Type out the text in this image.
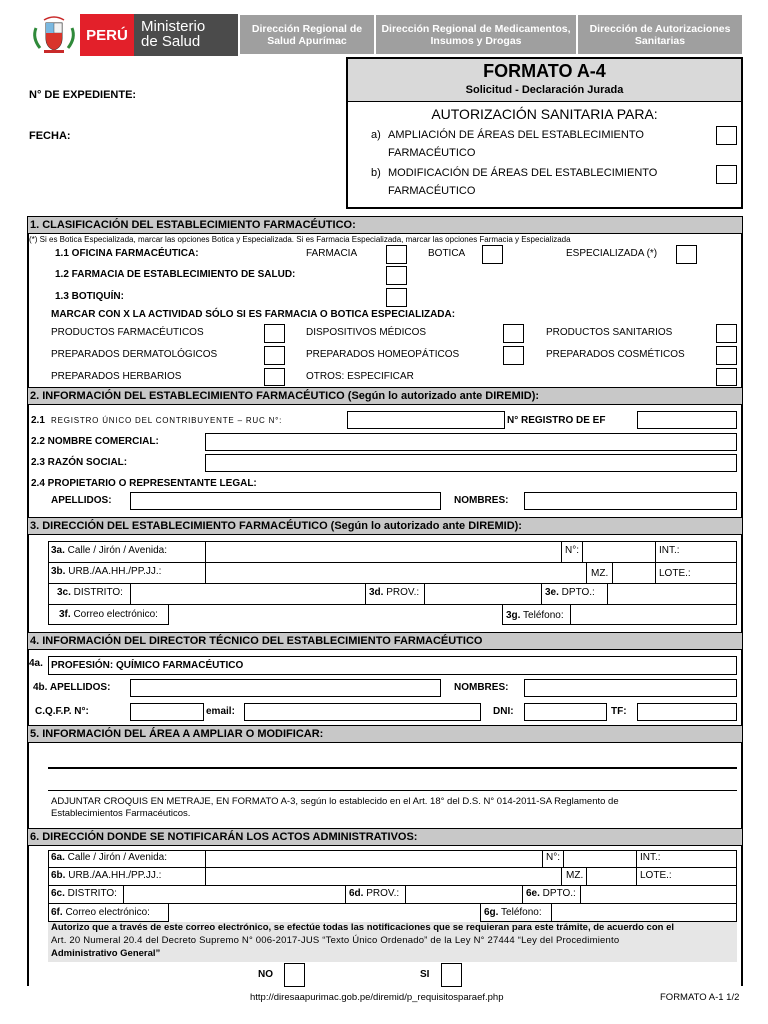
PERÚ Ministerio
de Salud
Dirección Regional de Salud Apurímac
Dirección Regional de Medicamentos, Insumos y Drogas
Dirección de Autorizaciones Sanitarias
N° DE EXPEDIENTE:
FECHA:
FORMATO A-4
Solicitud - Declaración Jurada
AUTORIZACIÓN SANITARIA PARA:
a) AMPLIACIÓN DE ÁREAS DEL ESTABLECIMIENTO
FARMACÉUTICO
b) MODIFICACIÓN DE ÁREAS DEL ESTABLECIMIENTO
FARMACÉUTICO
1. CLASIFICACIÓN DEL ESTABLECIMIENTO FARMACÉUTICO:
(*) Si es Botica Especializada, marcar las opciones Botica y Especializada. Si es Farmacia Especializada, marcar las opciones Farmacia y Especializada
1.1 OFICINA FARMACÉUTICA:	FARMACIA	BOTICA	ESPECIALIZADA (*)
1.2 FARMACIA DE ESTABLECIMIENTO DE SALUD:
1.3 BOTIQUÍN:
MARCAR CON X LA ACTIVIDAD SÓLO SI ES FARMACIA O BOTICA ESPECIALIZADA:
PRODUCTOS FARMACÉUTICOS	DISPOSITIVOS MÉDICOS	PRODUCTOS SANITARIOS
PREPARADOS DERMATOLÓGICOS	PREPARADOS HOMEOPÁTICOS	PREPARADOS COSMÉTICOS
PREPARADOS HERBARIOS	OTROS: ESPECIFICAR
2. INFORMACIÓN DEL ESTABLECIMIENTO FARMACÉUTICO (Según lo autorizado ante DIREMID):
2.1 REGISTRO ÚNICO DEL CONTRIBUYENTE – RUC N°:	N° REGISTRO DE EF
2.2 NOMBRE COMERCIAL:
2.3 RAZÓN SOCIAL:
2.4 PROPIETARIO O REPRESENTANTE LEGAL:
APELLIDOS:	NOMBRES:
3. DIRECCIÓN DEL ESTABLECIMIENTO FARMACÉUTICO (Según lo autorizado ante DIREMID):
3a. Calle / Jirón / Avenida:	N°:	INT.:
3b. URB./AA.HH./PP.JJ.:	MZ.	LOTE.:
3c. DISTRITO:	3d. PROV.:	3e. DPTO.:
3f. Correo electrónico:	3g. Teléfono:
4. INFORMACIÓN DEL DIRECTOR TÉCNICO DEL ESTABLECIMIENTO FARMACÉUTICO
4a. PROFESIÓN: QUÍMICO FARMACÉUTICO
4b. APELLIDOS:	NOMBRES:
C.Q.F.P. N°:	email:	DNI:	TF:
5. INFORMACIÓN DEL ÁREA A AMPLIAR O MODIFICAR:
ADJUNTAR CROQUIS EN METRAJE, EN FORMATO A-3, según lo establecido en el Art. 18° del D.S. N° 014-2011-SA Reglamento de
Establecimientos Farmacéuticos.
6. DIRECCIÓN DONDE SE NOTIFICARÁN LOS ACTOS ADMINISTRATIVOS:
6a. Calle / Jirón / Avenida:	N°:	INT.:
6b. URB./AA.HH./PP.JJ.:	MZ.	LOTE.:
6c. DISTRITO:	6d. PROV.:	6e. DPTO.:
6f. Correo electrónico:	6g. Teléfono:
Autorizo que a través de este correo electrónico, se efectúe todas las notificaciones que se requieran para este trámite, de acuerdo con el
Art. 20 Numeral 20.4 del Decreto Supremo N° 006-2017-JUS “Texto Único Ordenado” de la Ley N° 27444 “Ley del Procedimiento
Administrativo General”
NO	SI
http://diresaapurimac.gob.pe/diremid/p_requisitosparaef.php	FORMATO A-1 1/2
